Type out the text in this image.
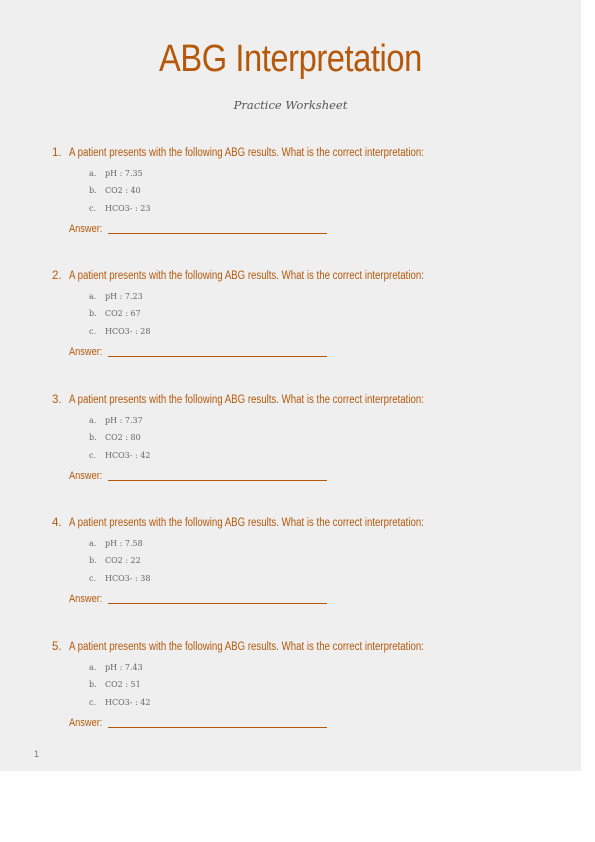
ABG Interpretation
Practice Worksheet
1. A patient presents with the following ABG results. What is the correct interpretation:
a. pH : 7.35
b. CO2 : 40
c. HCO3- : 23
Answer:
2. A patient presents with the following ABG results. What is the correct interpretation:
a. pH : 7.23
b. CO2 : 67
c. HCO3- : 28
Answer:
3. A patient presents with the following ABG results. What is the correct interpretation:
a. pH : 7.37
b. CO2 : 80
c. HCO3- : 42
Answer:
4. A patient presents with the following ABG results. What is the correct interpretation:
a. pH : 7.58
b. CO2 : 22
c. HCO3- : 38
Answer:
5. A patient presents with the following ABG results. What is the correct interpretation:
a. pH : 7.43
b. CO2 : 51
c. HCO3- : 42
Answer:
1
